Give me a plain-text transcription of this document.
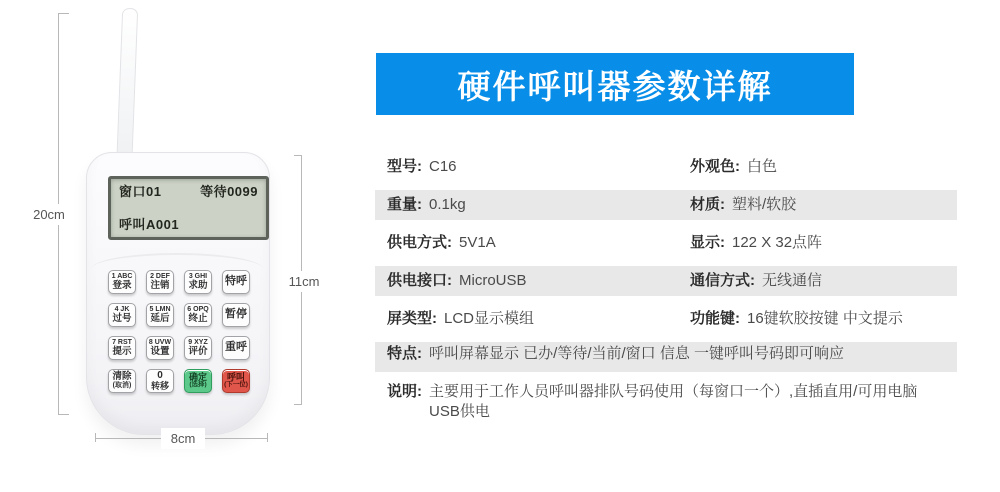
窗口01	等待0099
呼叫A001
1 ABC
登录
2 DEF
注销
3 GHI
求助 特呼
4 JK
过号
5 LMN
延后
6 OPQ
终止 暂停
7 RST
提示
8 UVW
设置
9 XYZ
评价 重呼
清除
(取消)
0
转移
确定
(选择)
呼叫
(下一位)
20cm
11cm
8cm
硬件呼叫器参数详解
型号: C16	外观色: 白色
重量: 0.1kg	材质: 塑料/软胶
供电方式: 5V1A	显示: 122 X 32点阵
供电接口: MicroUSB	通信方式: 无线通信
屏类型: LCD显示模组	功能键: 16键软胶按键 中文提示
特点: 呼叫屏幕显示 已办/等待/当前/窗口 信息 一键呼叫号码即可响应
说明: 主要用于工作人员呼叫器排队号码使用（每窗口一个）,直插直用/可用电脑USB供电
